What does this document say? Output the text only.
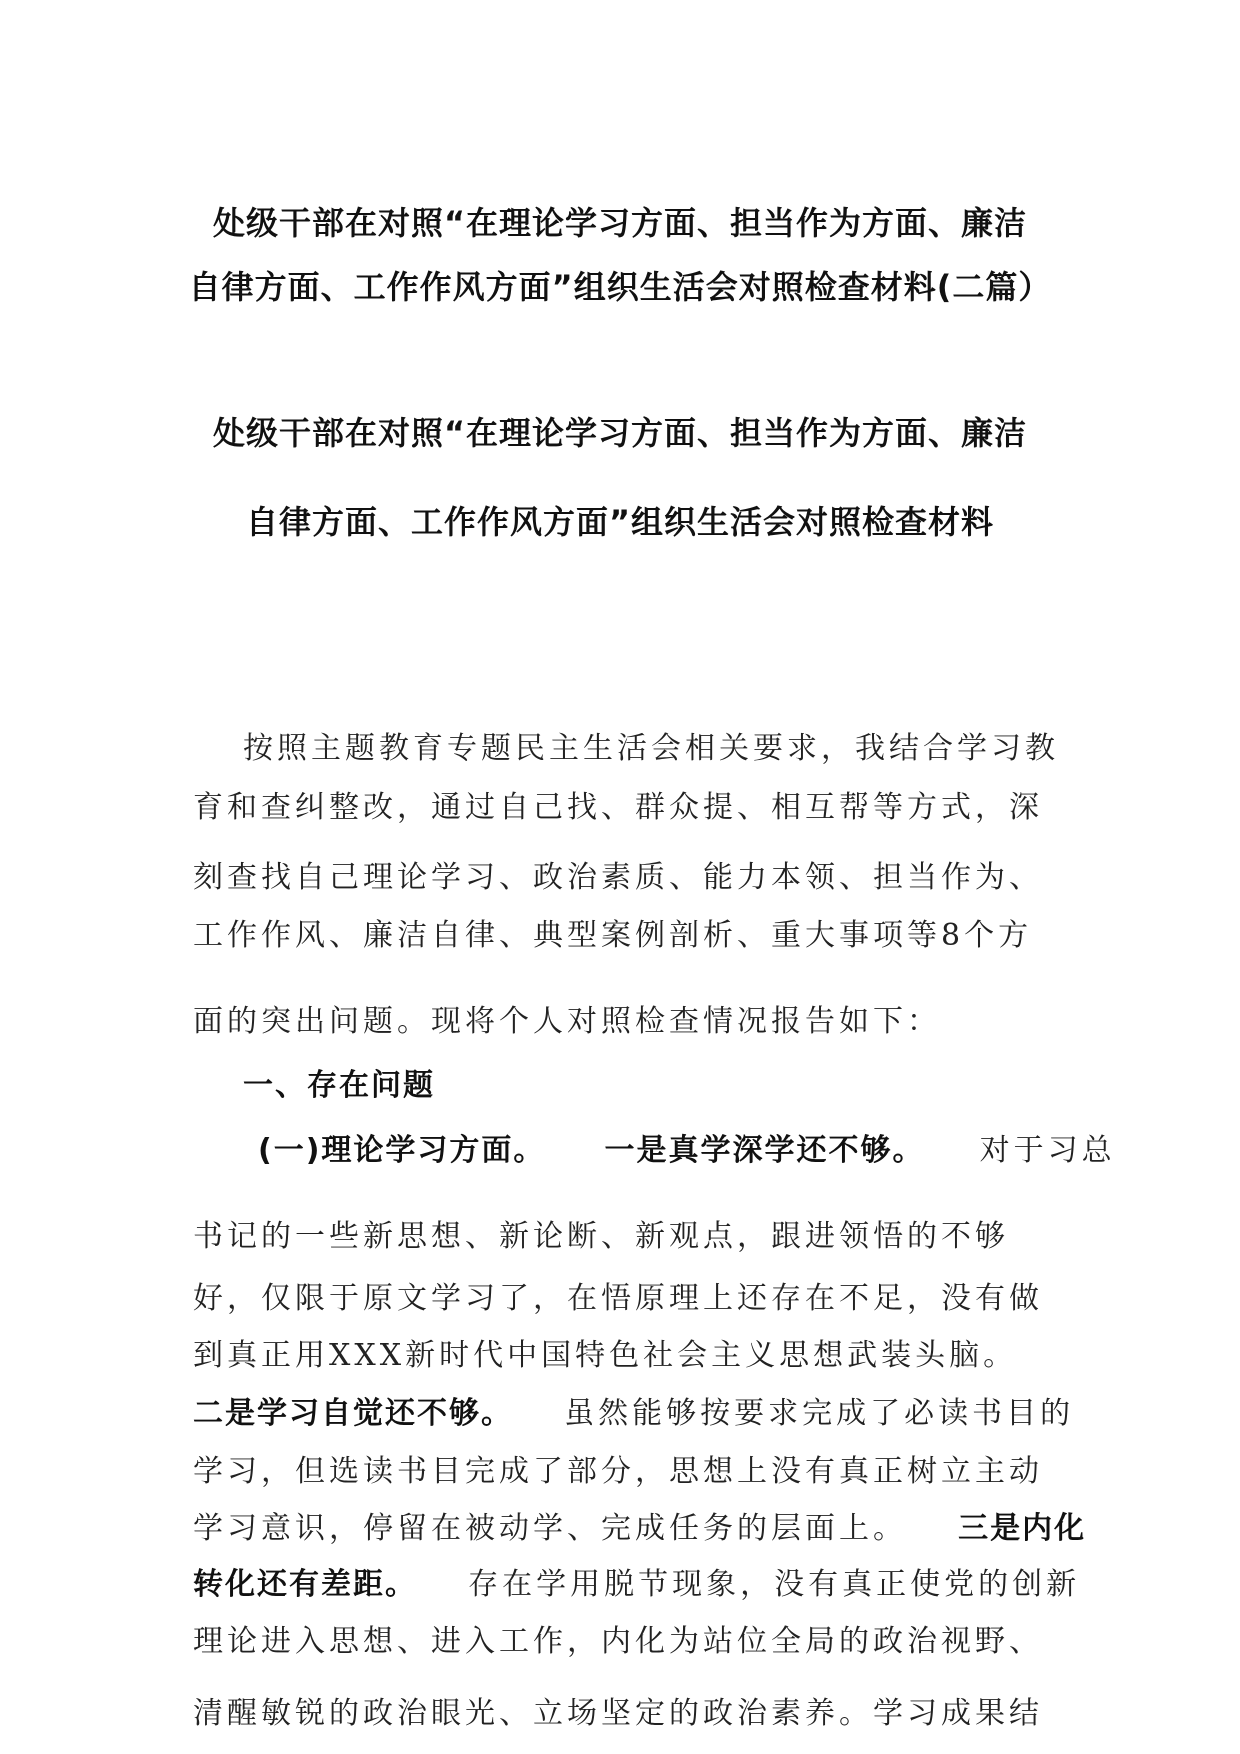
处级干部在对照“在理论学习方面、担当作为方面、廉洁
自律方面、工作作风方面”组织生活会对照检查材料(二篇）
处级干部在对照“在理论学习方面、担当作为方面、廉洁
自律方面、工作作风方面”组织生活会对照检查材料
按照主题教育专题民主生活会相关要求，我结合学习教
育和查纠整改，通过自己找、群众提、相互帮等方式，深
刻查找自己理论学习、政治素质、能力本领、担当作为、
工作作风、廉洁自律、典型案例剖析、重大事项等8个方
面的突出问题。现将个人对照检查情况报告如下：
一、存在问题
(一)理论学习方面。 一是真学深学还不够。 对于习总
书记的一些新思想、新论断、新观点，跟进领悟的不够
好，仅限于原文学习了，在悟原理上还存在不足，没有做
到真正用XXX新时代中国特色社会主义思想武装头脑。
二是学习自觉还不够。 虽然能够按要求完成了必读书目的
学习，但选读书目完成了部分，思想上没有真正树立主动
学习意识，停留在被动学、完成任务的层面上。 三是内化
转化还有差距。 存在学用脱节现象，没有真正使党的创新
理论进入思想、进入工作，内化为站位全局的政治视野、
清醒敏锐的政治眼光、立场坚定的政治素养。学习成果结
